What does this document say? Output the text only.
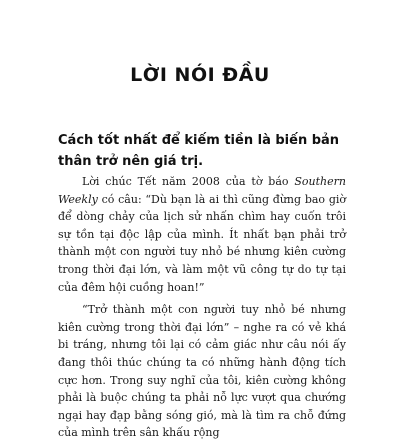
LỜI NÓI ĐẦU

Cách tốt nhất để kiếm tiền là biến bản thân trở nên giá trị.

Lời chúc Tết năm 2008 của tờ báo Southern Weekly có câu: “Dù bạn là ai thì cũng đừng bao giờ để dòng chảy của lịch sử nhấn chìm hay cuốn trôi sự tồn tại độc lập của mình. Ít nhất bạn phải trở thành một con người tuy nhỏ bé nhưng kiên cường trong thời đại lớn, và làm một vũ công tự do tự tại của đêm hội cuồng hoan!”

“Trở thành một con người tuy nhỏ bé nhưng kiên cường trong thời đại lớn” – nghe ra có vẻ khá bi tráng, nhưng tôi lại có cảm giác như câu nói ấy đang thôi thúc chúng ta có những hành động tích cực hơn. Trong suy nghĩ của tôi, kiên cường không phải là buộc chúng ta phải nỗ lực vượt qua chướng ngại hay đạp bằng sóng gió, mà là tìm ra chỗ đứng của mình trên sân khấu rộng
